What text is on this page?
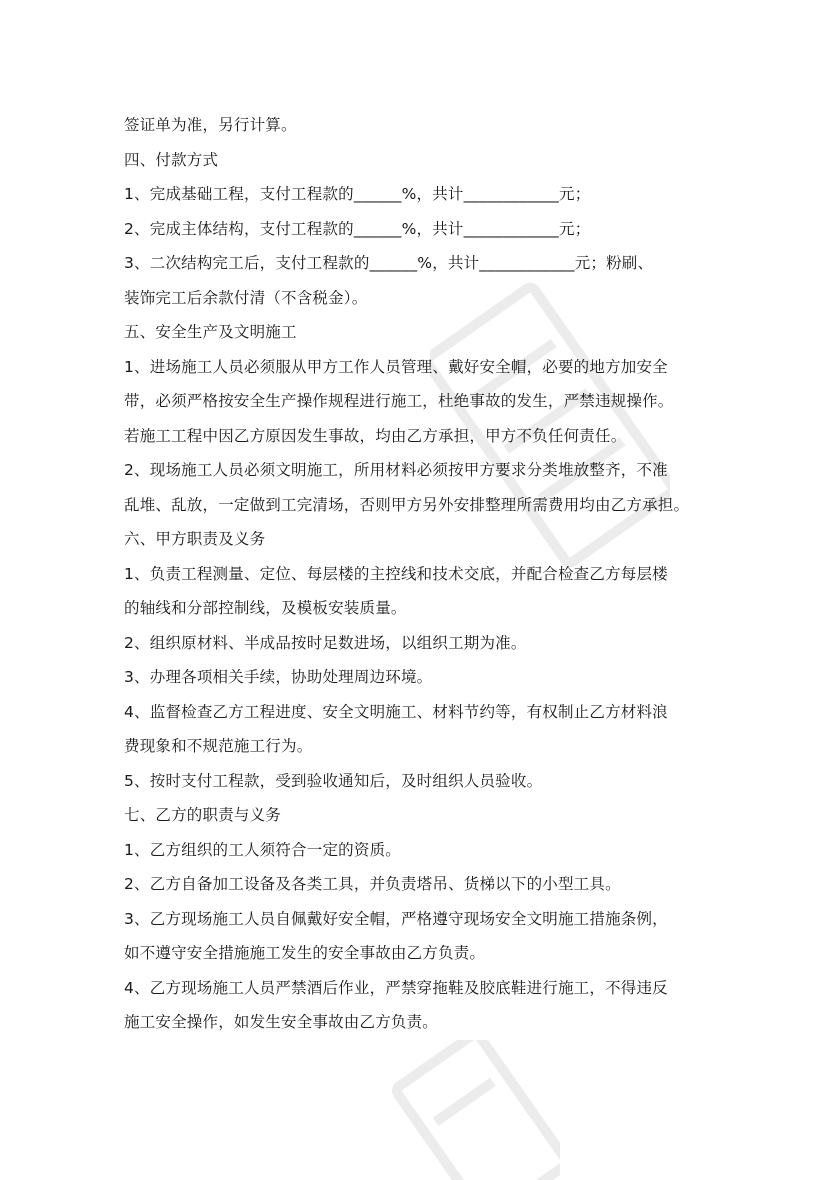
签证单为准，另行计算。
四、付款方式
1、完成基础工程，支付工程款的______%，共计____________元；
2、完成主体结构，支付工程款的______%，共计____________元；
3、二次结构完工后，支付工程款的______%，共计____________元；粉刷、
装饰完工后余款付清（不含税金）。
五、安全生产及文明施工
1、进场施工人员必须服从甲方工作人员管理、戴好安全帽，必要的地方加安全
带，必须严格按安全生产操作规程进行施工，杜绝事故的发生，严禁违规操作。
若施工工程中因乙方原因发生事故，均由乙方承担，甲方不负任何责任。
2、现场施工人员必须文明施工，所用材料必须按甲方要求分类堆放整齐，不准
乱堆、乱放，一定做到工完清场，否则甲方另外安排整理所需费用均由乙方承担。
六、甲方职责及义务
1、负责工程测量、定位、每层楼的主控线和技术交底，并配合检查乙方每层楼
的轴线和分部控制线，及模板安装质量。
2、组织原材料、半成品按时足数进场，以组织工期为准。
3、办理各项相关手续，协助处理周边环境。
4、监督检查乙方工程进度、安全文明施工、材料节约等，有权制止乙方材料浪
费现象和不规范施工行为。
5、按时支付工程款，受到验收通知后，及时组织人员验收。
七、乙方的职责与义务
1、乙方组织的工人须符合一定的资质。
2、乙方自备加工设备及各类工具，并负责塔吊、货梯以下的小型工具。
3、乙方现场施工人员自佩戴好安全帽，严格遵守现场安全文明施工措施条例，
如不遵守安全措施施工发生的安全事故由乙方负责。
4、乙方现场施工人员严禁酒后作业，严禁穿拖鞋及胶底鞋进行施工，不得违反
施工安全操作，如发生安全事故由乙方负责。
